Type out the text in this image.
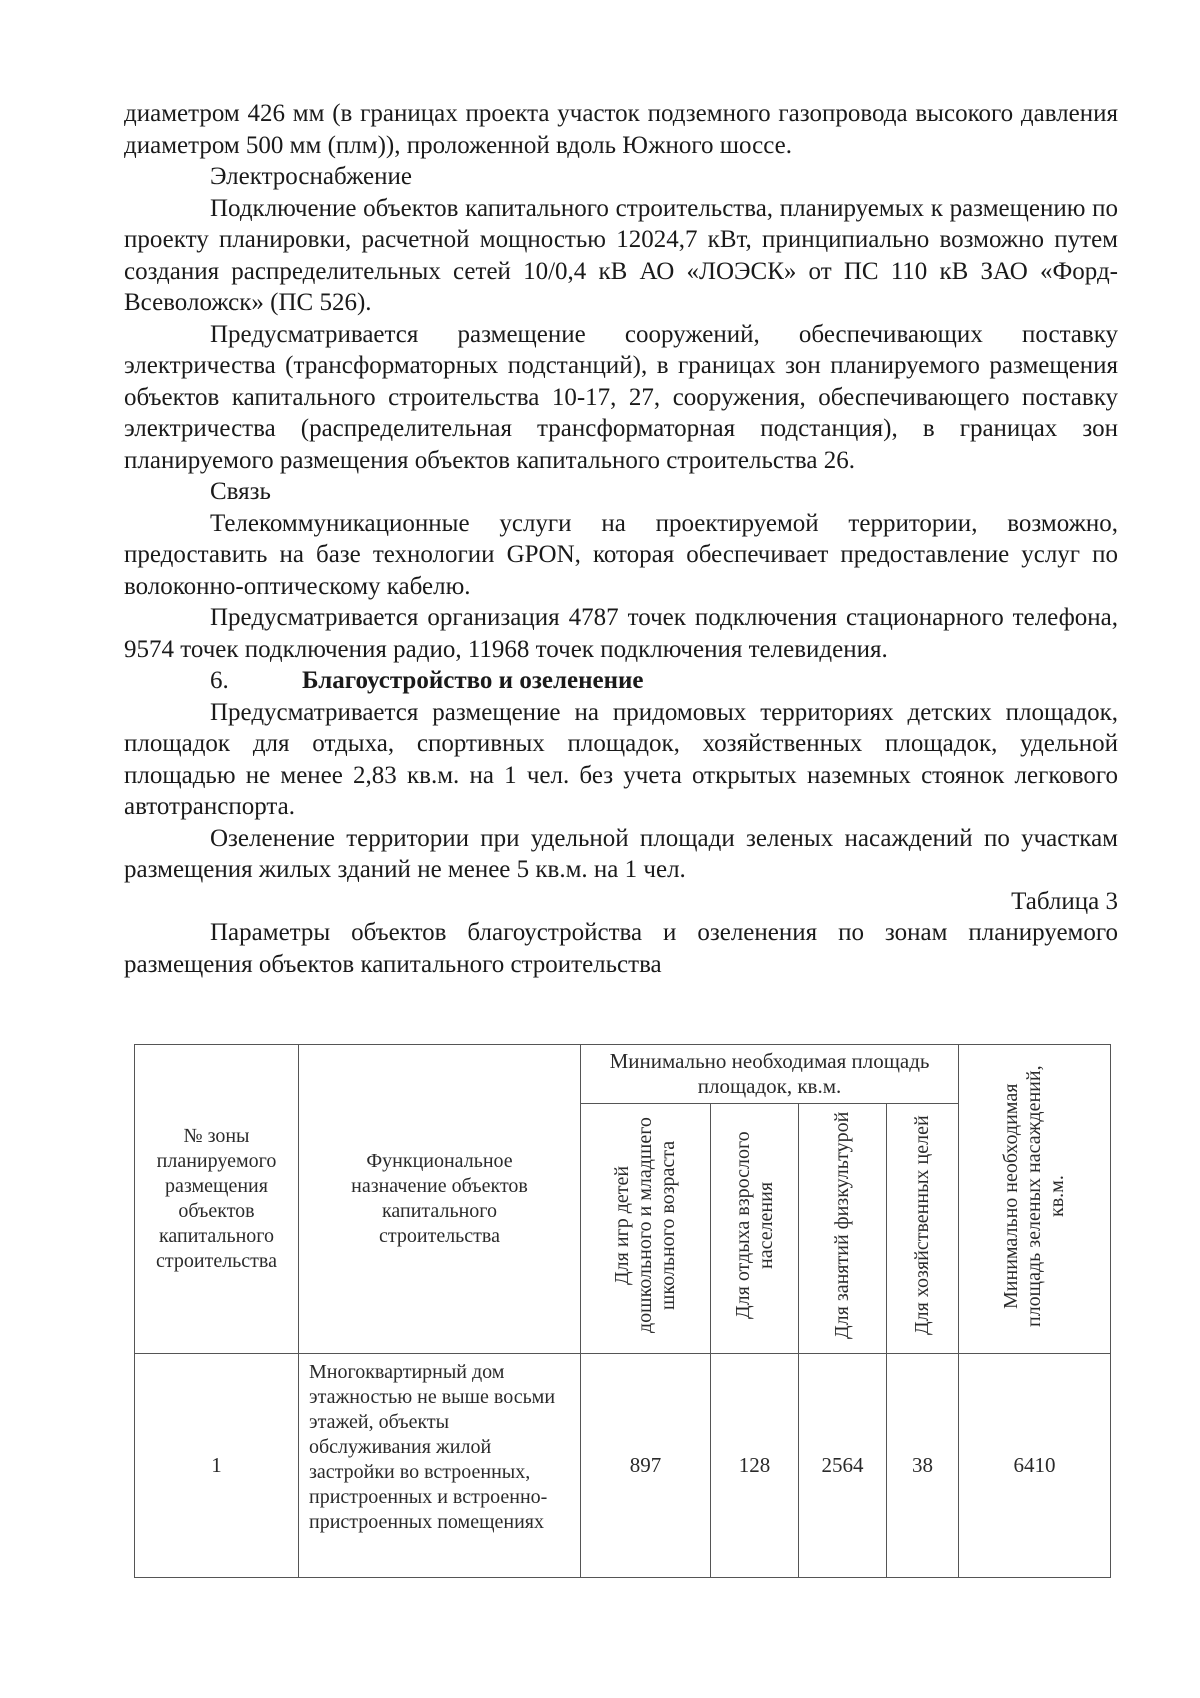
диаметром 426 мм (в границах проекта участок подземного газопровода высокого давления диаметром 500 мм (плм)), проложенной вдоль Южного шоссе.

Электроснабжение

Подключение объектов капитального строительства, планируемых к размещению по проекту планировки, расчетной мощностью 12024,7 кВт, принципиально возможно путем создания распределительных сетей 10/0,4 кВ АО «ЛОЭСК» от ПС 110 кВ ЗАО «Форд-Всеволожск» (ПС 526).

Предусматривается размещение сооружений, обеспечивающих поставку электричества (трансформаторных подстанций), в границах зон планируемого размещения объектов капитального строительства 10-17, 27, сооружения, обеспечивающего поставку электричества (распределительная трансформаторная подстанция), в границах зон планируемого размещения объектов капитального строительства 26.

Связь

Телекоммуникационные услуги на проектируемой территории, возможно, предоставить на базе технологии GPON, которая обеспечивает предоставление услуг по волоконно-оптическому кабелю.

Предусматривается организация 4787 точек подключения стационарного телефона, 9574 точек подключения радио, 11968 точек подключения телевидения.

6.	Благоустройство и озеленение

Предусматривается размещение на придомовых территориях детских площадок, площадок для отдыха, спортивных площадок, хозяйственных площадок, удельной площадью не менее 2,83 кв.м. на 1 чел. без учета открытых наземных стоянок легкового автотранспорта.

Озеленение территории при удельной площади зеленых насаждений по участкам размещения жилых зданий не менее 5 кв.м. на 1 чел.

Таблица 3

Параметры объектов благоустройства и озеленения по зонам планируемого размещения объектов капитального строительства

№ зоны планируемого размещения объектов капитального строительства	Функциональное назначение объектов капитального строительства	Минимально необходимая площадь площадок, кв.м.				Минимально необходимая площадь зеленых насаждений, кв.м.
		Для игр детей дошкольного и младшего школьного возраста	Для отдыха взрослого населения	Для занятий физкультурой	Для хозяйственных целей	
1	Многоквартирный дом этажностью не выше восьми этажей, объекты обслуживания жилой застройки во встроенных, пристроенных и встроенно-пристроенных помещениях	897	128	2564	38	6410
